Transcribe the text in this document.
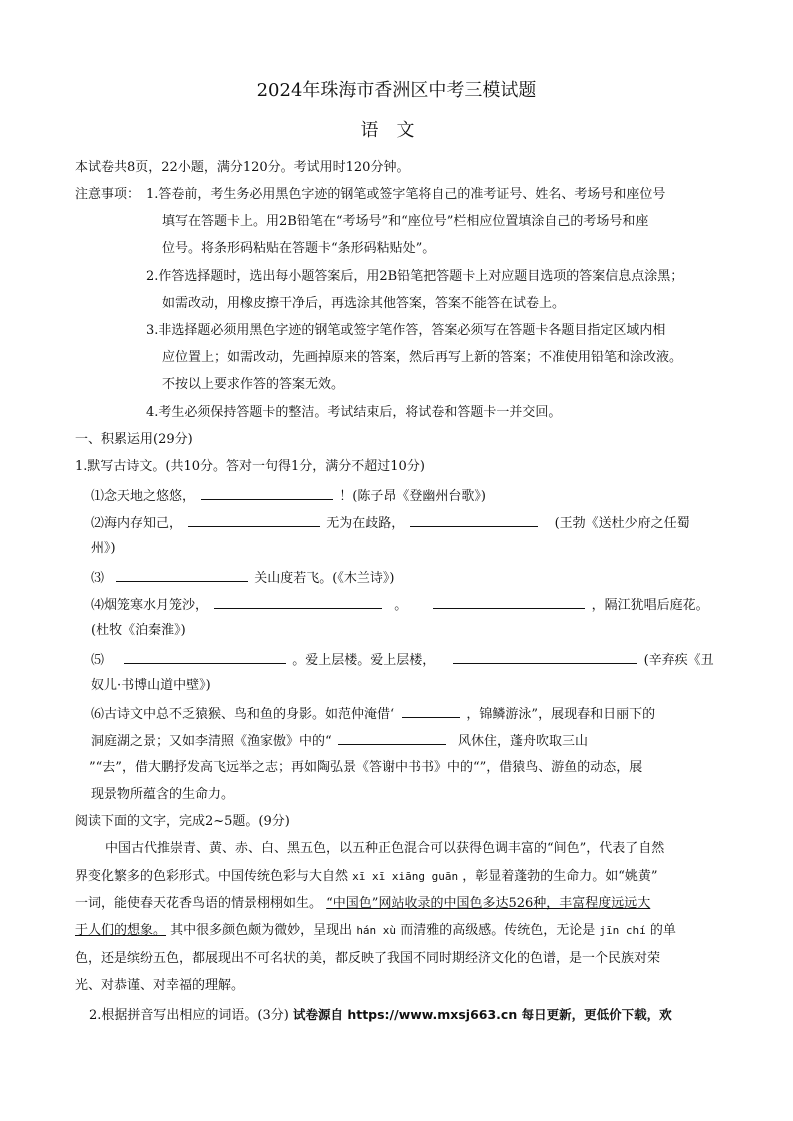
2024年珠海市香洲区中考三模试题
语文
本试卷共8页，22小题，满分120分。考试用时120分钟。
注意事项： 1.答卷前，考生务必用黑色字迹的钢笔或签字笔将自己的准考证号、姓名、考场号和座位号
填写在答题卡上。用2B铅笔在“考场号”和“座位号”栏相应位置填涂自己的考场号和座
位号。将条形码粘贴在答题卡“条形码粘贴处”。
2.作答选择题时，选出每小题答案后，用2B铅笔把答题卡上对应题目选项的答案信息点涂黑；
如需改动，用橡皮擦干净后，再选涂其他答案，答案不能答在试卷上。
3.非选择题必须用黑色字迹的钢笔或签字笔作答，答案必须写在答题卡各题目指定区域内相
应位置上；如需改动，先画掉原来的答案，然后再写上新的答案；不准使用铅笔和涂改液。
不按以上要求作答的答案无效。
4.考生必须保持答题卡的整洁。考试结束后，将试卷和答题卡一并交回。
一、积累运用(29分)
1.默写古诗文。(共10分。答对一句得1分，满分不超过10分)
⑴念天地之悠悠，	！(陈子昂《登幽州台歌》)
⑵海内存知己，	无为在歧路，	(王勃《送杜少府之任蜀
州》)
⑶	关山度若飞。(《木兰诗》)
⑷烟笼寒水月笼沙，	。	，隔江犹唱后庭花。
(杜牧《泊秦淮》)
⑸	。爱上层楼。爱上层楼，	(辛弃疾《丑
奴儿·书博山道中壁》)
⑹古诗文中总不乏猿猴、鸟和鱼的身影。如范仲淹借‘	，锦鳞游泳”，展现春和日丽下的
洞庭湖之景；又如李清照《渔家傲》中的“	风休住，蓬舟吹取三山
”“去”，借大鹏抒发高飞远举之志；再如陶弘景《答谢中书书》中的“”，借猿鸟、游鱼的动态，展
现景物所蕴含的生命力。
阅读下面的文字，完成2~5题。(9分)
中国古代推崇青、黄、赤、白、黑五色，以五种正色混合可以获得色调丰富的“间色”，代表了自然
界变化繁多的色彩形式。中国传统色彩与大自然 xī xī xiāng guān ，彰显着蓬勃的生命力。如“姚黄”
一词，能使春天花香鸟语的情景栩栩如生。 “中国色”网站收录的中国色多达526种，丰富程度远远大
于人们的想象。 其中很多颜色颇为微妙，呈现出 hán xù 而清雅的高级感。传统色，无论是 jīn chí 的单
色，还是缤纷五色，都展现出不可名状的美，都反映了我国不同时期经济文化的色谱，是一个民族对荣
光、对恭谨、对幸福的理解。
2.根据拼音写出相应的词语。(3分) 试卷源自 https://www.mxsj663.cn 每日更新，更低价下载，欢
